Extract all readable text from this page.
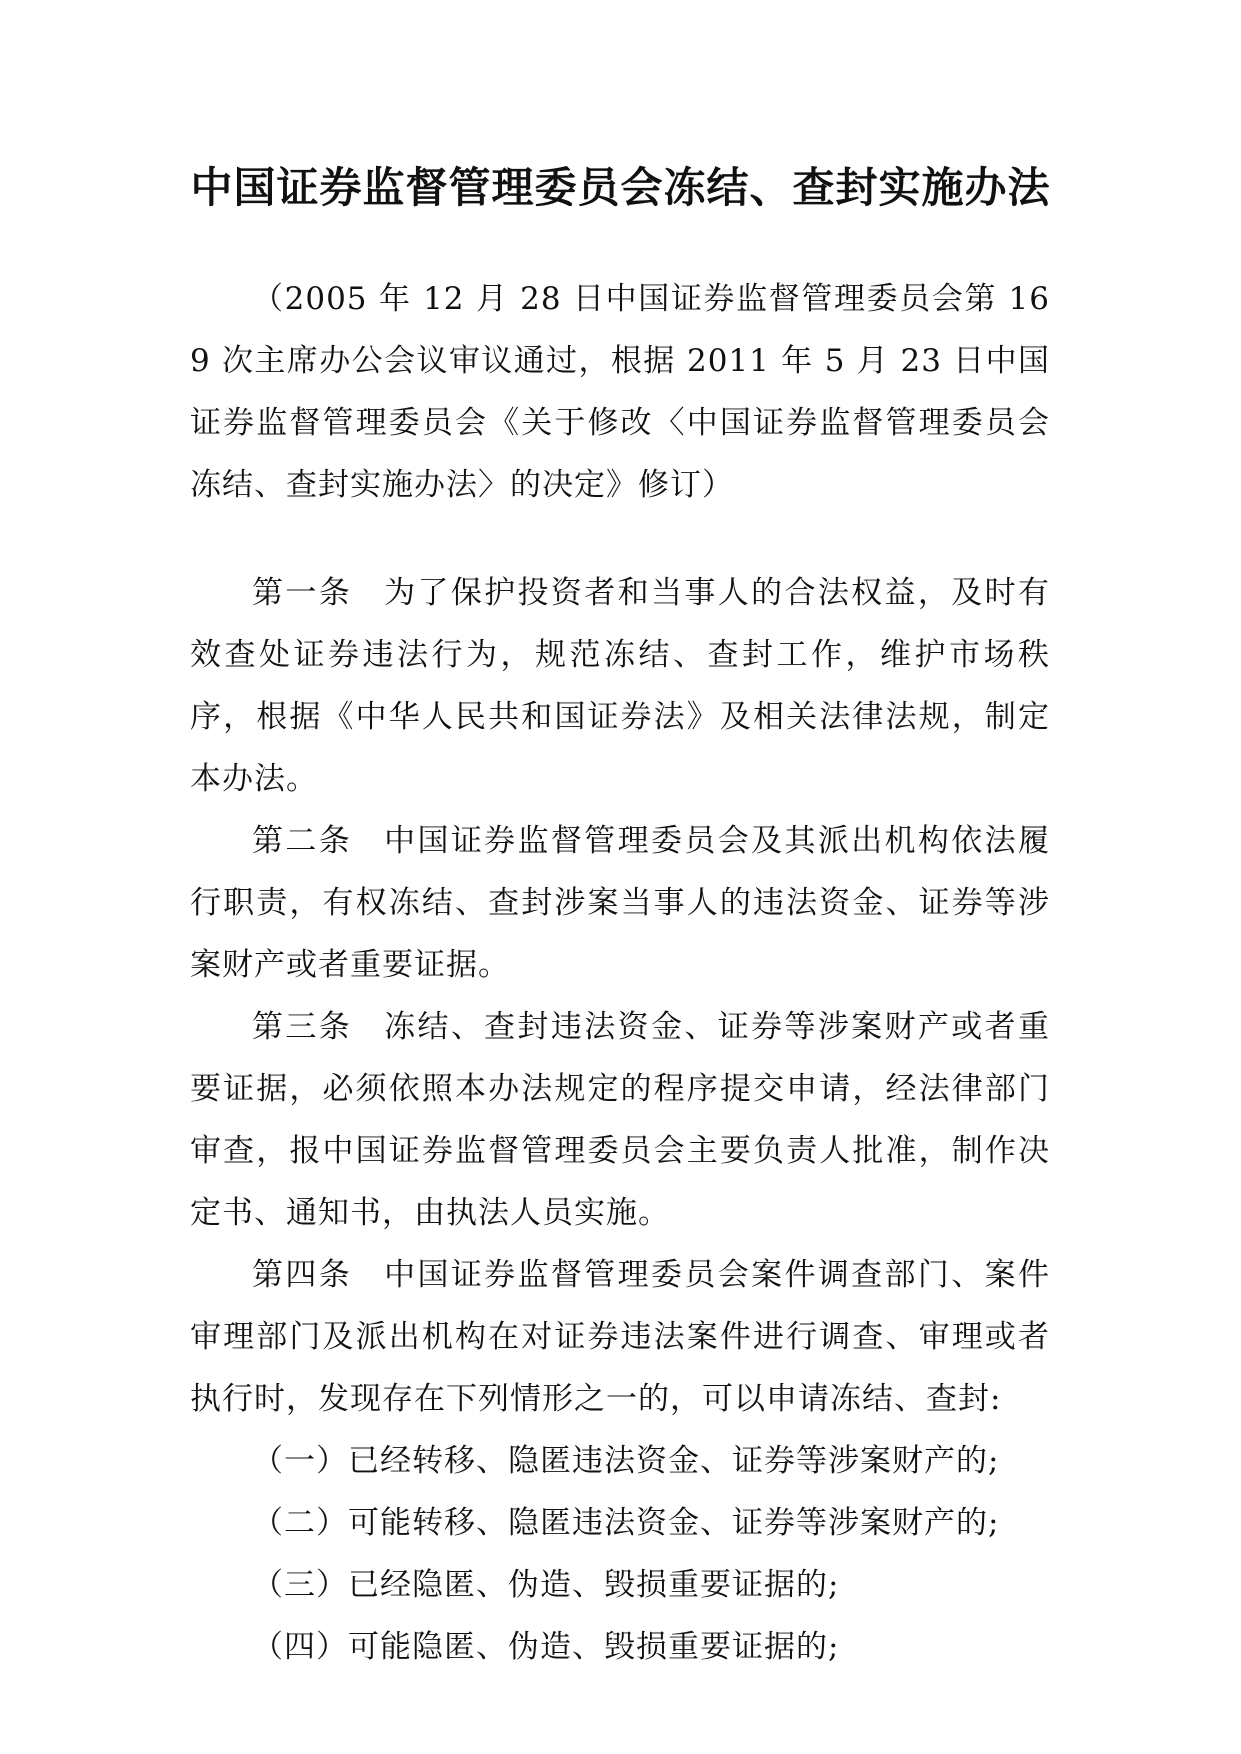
中国证券监督管理委员会冻结、查封实施办法

（2005 年 12 月 28 日中国证券监督管理委员会第 169 次主席办公会议审议通过，根据 2011 年 5 月 23 日中国证券监督管理委员会《关于修改〈中国证券监督管理委员会冻结、查封实施办法〉的决定》修订）

第一条 为了保护投资者和当事人的合法权益，及时有效查处证券违法行为，规范冻结、查封工作，维护市场秩序，根据《中华人民共和国证券法》及相关法律法规，制定本办法。

第二条 中国证券监督管理委员会及其派出机构依法履行职责，有权冻结、查封涉案当事人的违法资金、证券等涉案财产或者重要证据。

第三条 冻结、查封违法资金、证券等涉案财产或者重要证据，必须依照本办法规定的程序提交申请，经法律部门审查，报中国证券监督管理委员会主要负责人批准，制作决定书、通知书，由执法人员实施。

第四条 中国证券监督管理委员会案件调查部门、案件审理部门及派出机构在对证券违法案件进行调查、审理或者执行时，发现存在下列情形之一的，可以申请冻结、查封:

（一）已经转移、隐匿违法资金、证券等涉案财产的;

（二）可能转移、隐匿违法资金、证券等涉案财产的;

（三）已经隐匿、伪造、毁损重要证据的;

（四）可能隐匿、伪造、毁损重要证据的;
